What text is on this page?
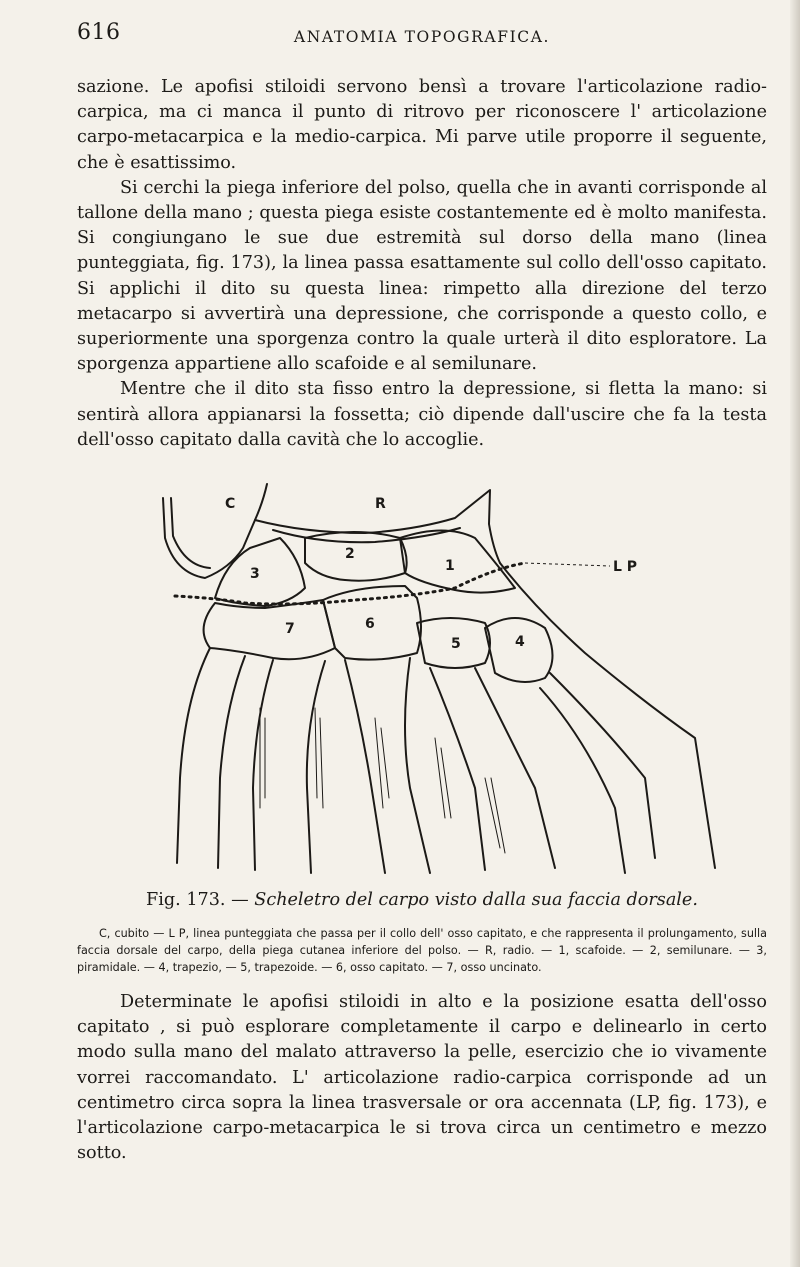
616	ANATOMIA TOPOGRAFICA.

sazione. Le apofisi stiloidi servono bensì a trovare l'articolazione radio-carpica, ma ci manca il punto di ritrovo per riconoscere l' articolazione carpo-metacarpica e la medio-carpica. Mi parve utile proporre il seguente, che è esattissimo.

Si cerchi la piega inferiore del polso, quella che in avanti corrisponde al tallone della mano ; questa piega esiste costantemente ed è molto manifesta. Si congiungano le sue due estremità sul dorso della mano (linea punteggiata, fig. 173), la linea passa esattamente sul collo dell'osso capitato. Si applichi il dito su questa linea: rimpetto alla direzione del terzo metacarpo si avvertirà una depressione, che corrisponde a questo collo, e superiormente una sporgenza contro la quale urterà il dito esploratore. La sporgenza appartiene allo scafoide e al semilunare.

Mentre che il dito sta fisso entro la depressione, si fletta la mano: si sentirà allora appianarsi la fossetta; ciò dipende dall'uscire che fa la testa dell'osso capitato dalla cavità che lo accoglie.

C	R
L P
1
2
3
4
5
6
7
Fig. 173. — Scheletro del carpo visto dalla sua faccia dorsale.

C, cubito — L P, linea punteggiata che passa per il collo dell' osso capitato, e che rappresenta il prolungamento, sulla faccia dorsale del carpo, della piega cutanea inferiore del polso. — R, radio. — 1, scafoide. — 2, semilunare. — 3, piramidale. — 4, trapezio, — 5, trapezoide. — 6, osso capitato. — 7, osso uncinato.

Determinate le apofisi stiloidi in alto e la posizione esatta dell'osso capitato , si può esplorare completamente il carpo e delinearlo in certo modo sulla mano del malato attraverso la pelle, esercizio che io vivamente vorrei raccomandato. L' articolazione radio-carpica corrisponde ad un centimetro circa sopra la linea trasversale or ora accennata (LP, fig. 173), e l'articolazione carpo-metacarpica le si trova circa un centimetro e mezzo sotto.
